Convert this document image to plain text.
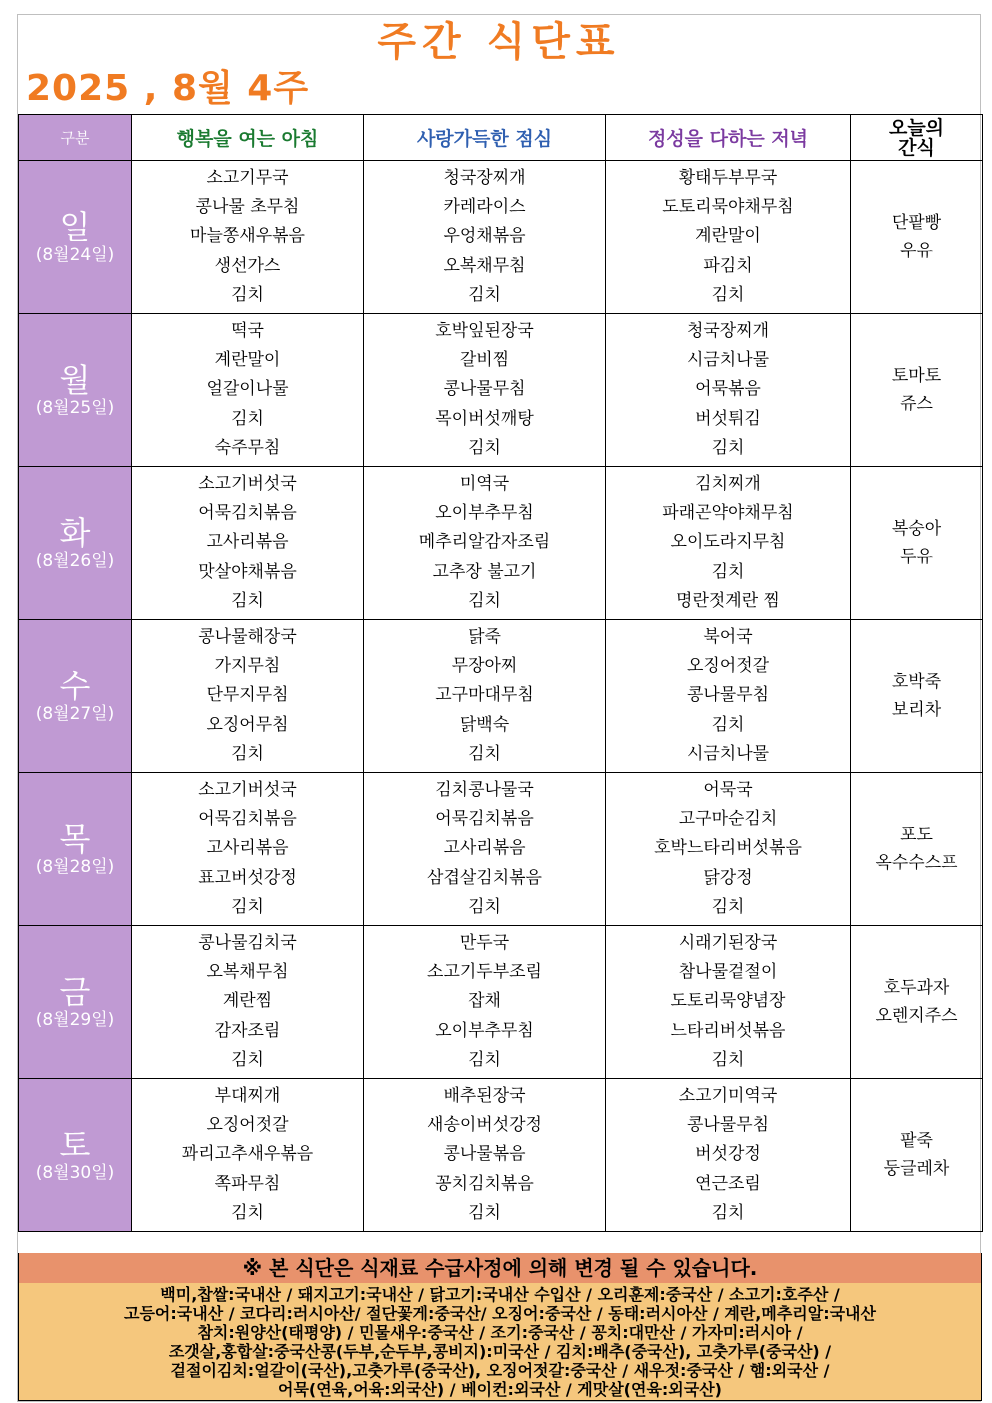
주간 식단표
2025 , 8월 4주
구분	행복을 여는 아침	사랑가득한 점심	정성을 다하는 저녁	오늘의
간식

일
(8월24일)	소고기무국
콩나물 초무침
마늘쫑새우볶음
생선가스
김치	청국장찌개
카레라이스
우엉채볶음
오복채무침
김치	황태두부무국
도토리묵야채무침
계란말이
파김치
김치	단팥빵
우유

월
(8월25일)	떡국
계란말이
얼갈이나물
김치
숙주무침	호박잎된장국
갈비찜
콩나물무침
목이버섯깨탕
김치	청국장찌개
시금치나물
어묵볶음
버섯튀김
김치	토마토
쥬스

화
(8월26일)	소고기버섯국
어묵김치볶음
고사리볶음
맛살야채볶음
김치	미역국
오이부추무침
메추리알감자조림
고추장 불고기
김치	김치찌개
파래곤약야채무침
오이도라지무침
김치
명란젓계란 찜	복숭아
두유

수
(8월27일)	콩나물해장국
가지무침
단무지무침
오징어무침
김치	닭죽
무장아찌
고구마대무침
닭백숙
김치	북어국
오징어젓갈
콩나물무침
김치
시금치나물	호박죽
보리차

목
(8월28일)	소고기버섯국
어묵김치볶음
고사리볶음
표고버섯강정
김치	김치콩나물국
어묵김치볶음
고사리볶음
삼겹살김치볶음
김치	어묵국
고구마순김치
호박느타리버섯볶음
닭강정
김치	포도
옥수수스프

금
(8월29일)	콩나물김치국
오복채무침
계란찜
감자조림
김치	만두국
소고기두부조림
잡채
오이부추무침
김치	시래기된장국
참나물겉절이
도토리묵양념장
느타리버섯볶음
김치	호두과자
오렌지주스

토
(8월30일)	부대찌개
오징어젓갈
꽈리고추새우볶음
쪽파무침
김치	배추된장국
새송이버섯강정
콩나물볶음
꽁치김치볶음
김치	소고기미역국
콩나물무침
버섯강정
연근조림
김치	팥죽
둥글레차
※ 본 식단은 식재료 수급사정에 의해 변경 될 수 있습니다.
백미,찹쌀:국내산 / 돼지고기:국내산 / 닭고기:국내산 수입산 / 오리훈제:중국산 / 소고기:호주산 /
고등어:국내산 / 코다리:러시아산/ 절단꽃게:중국산/ 오징어:중국산 / 동태:러시아산 / 계란,메추리알:국내산
참치:원양산(태평양) / 민물새우:중국산 / 조기:중국산 / 꽁치:대만산 / 가자미:러시아 /
조갯살,홍합살:중국산콩(두부,순두부,콩비지):미국산 / 김치:배추(중국산), 고춧가루(중국산) /
겉절이김치:얼갈이(국산),고춧가루(중국산), 오징어젓갈:중국산 / 새우젓:중국산 / 햄:외국산 /
어묵(연육,어육:외국산) / 베이컨:외국산 / 게맛살(연육:외국산)
